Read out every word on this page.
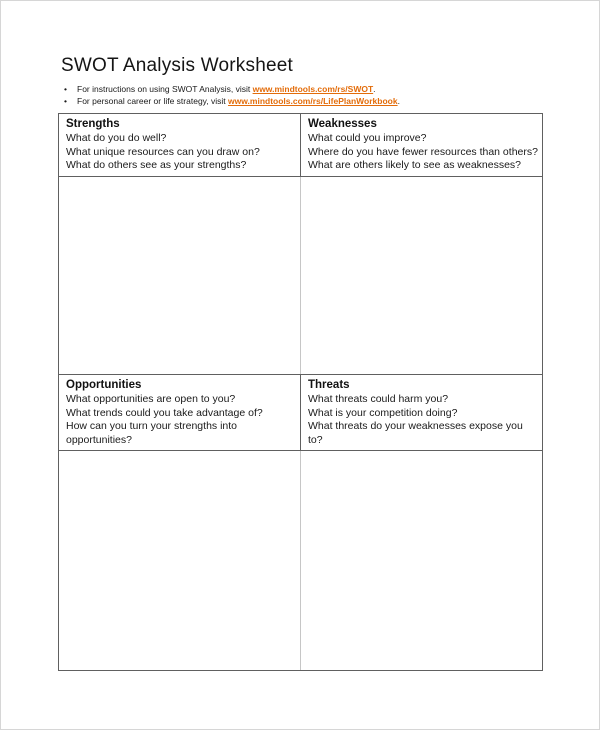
SWOT Analysis Worksheet
•
For instructions on using SWOT Analysis, visit www.mindtools.com/rs/SWOT.
•
For personal career or life strategy, visit www.mindtools.com/rs/LifePlanWorkbook.
Strengths
What do you do well?
What unique resources can you draw on?
What do others see as your strengths?
Opportunities
What opportunities are open to you?
What trends could you take advantage of?
How can you turn your strengths into opportunities?
Weaknesses
What could you improve?
Where do you have fewer resources than others?
What are others likely to see as weaknesses?
Threats
What threats could harm you?
What is your competition doing?
What threats do your weaknesses expose you to?
